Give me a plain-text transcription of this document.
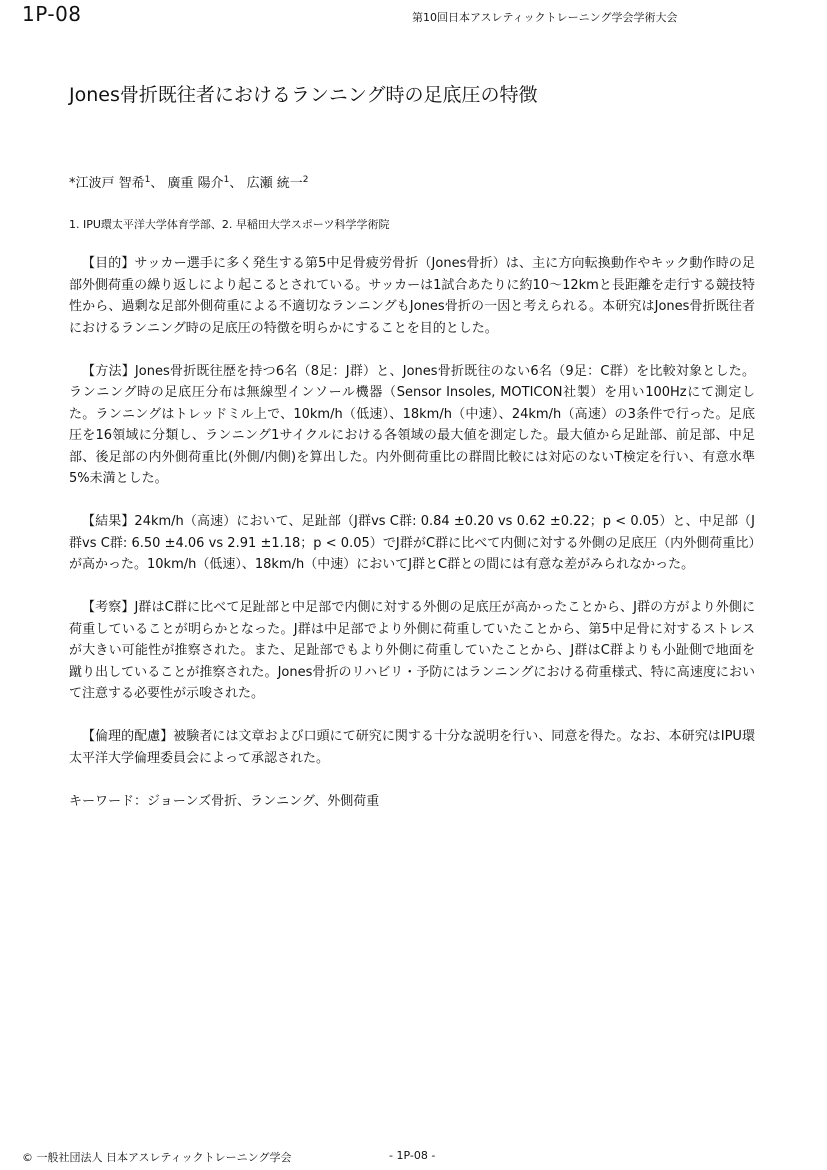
1P-08	第10回日本アスレティックトレーニング学会学術大会
Jones骨折既往者におけるランニング時の足底圧の特徴
*江波戸 智希$^1$、 廣重 陽介$^1$、 広瀬 統一$^2$
1. IPU環太平洋大学体育学部、2. 早稲田大学スポーツ科学学術院

【目的】サッカー選手に多く発生する第5中足骨疲労骨折（Jones骨折）は、主に方向転換動作やキック動作時の足部外側荷重の繰り返しにより起こるとされている。サッカーは1試合あたりに約10～12kmと長距離を走行する競技特性から、過剰な足部外側荷重による不適切なランニングもJones骨折の一因と考えられる。本研究はJones骨折既往者におけるランニング時の足底圧の特徴を明らかにすることを目的とした。

【方法】Jones骨折既往歴を持つ6名（8足：J群）と、Jones骨折既往のない6名（9足：C群）を比較対象とした。ランニング時の足底圧分布は無線型インソール機器（Sensor Insoles, MOTICON社製）を用い100Hzにて測定した。ランニングはトレッドミル上で、10km/h（低速）、18km/h（中速）、24km/h（高速）の3条件で行った。足底圧を16領域に分類し、ランニング1サイクルにおける各領域の最大値を測定した。最大値から足趾部、前足部、中足部、後足部の内外側荷重比(外側/内側)を算出した。内外側荷重比の群間比較には対応のないT検定を行い、有意水準5%未満とした。

【結果】24km/h（高速）において、足趾部（J群vs C群: 0.84 ±0.20 vs 0.62 ±0.22；p < 0.05）と、中足部（J群vs C群: 6.50 ±4.06 vs 2.91 ±1.18；p < 0.05）でJ群がC群に比べて内側に対する外側の足底圧（内外側荷重比）が高かった。10km/h（低速）、18km/h（中速）においてJ群とC群との間には有意な差がみられなかった。

【考察】J群はC群に比べて足趾部と中足部で内側に対する外側の足底圧が高かったことから、J群の方がより外側に荷重していることが明らかとなった。J群は中足部でより外側に荷重していたことから、第5中足骨に対するストレスが大きい可能性が推察された。また、足趾部でもより外側に荷重していたことから、J群はC群よりも小趾側で地面を蹴り出していることが推察された。Jones骨折のリハビリ・予防にはランニングにおける荷重様式、特に高速度において注意する必要性が示唆された。

【倫理的配慮】被験者には文章および口頭にて研究に関する十分な説明を行い、同意を得た。なお、本研究はIPU環太平洋大学倫理委員会によって承認された。

キーワード：ジョーンズ骨折、ランニング、外側荷重

© 一般社団法人 日本アスレティックトレーニング学会	- 1P-08 -
